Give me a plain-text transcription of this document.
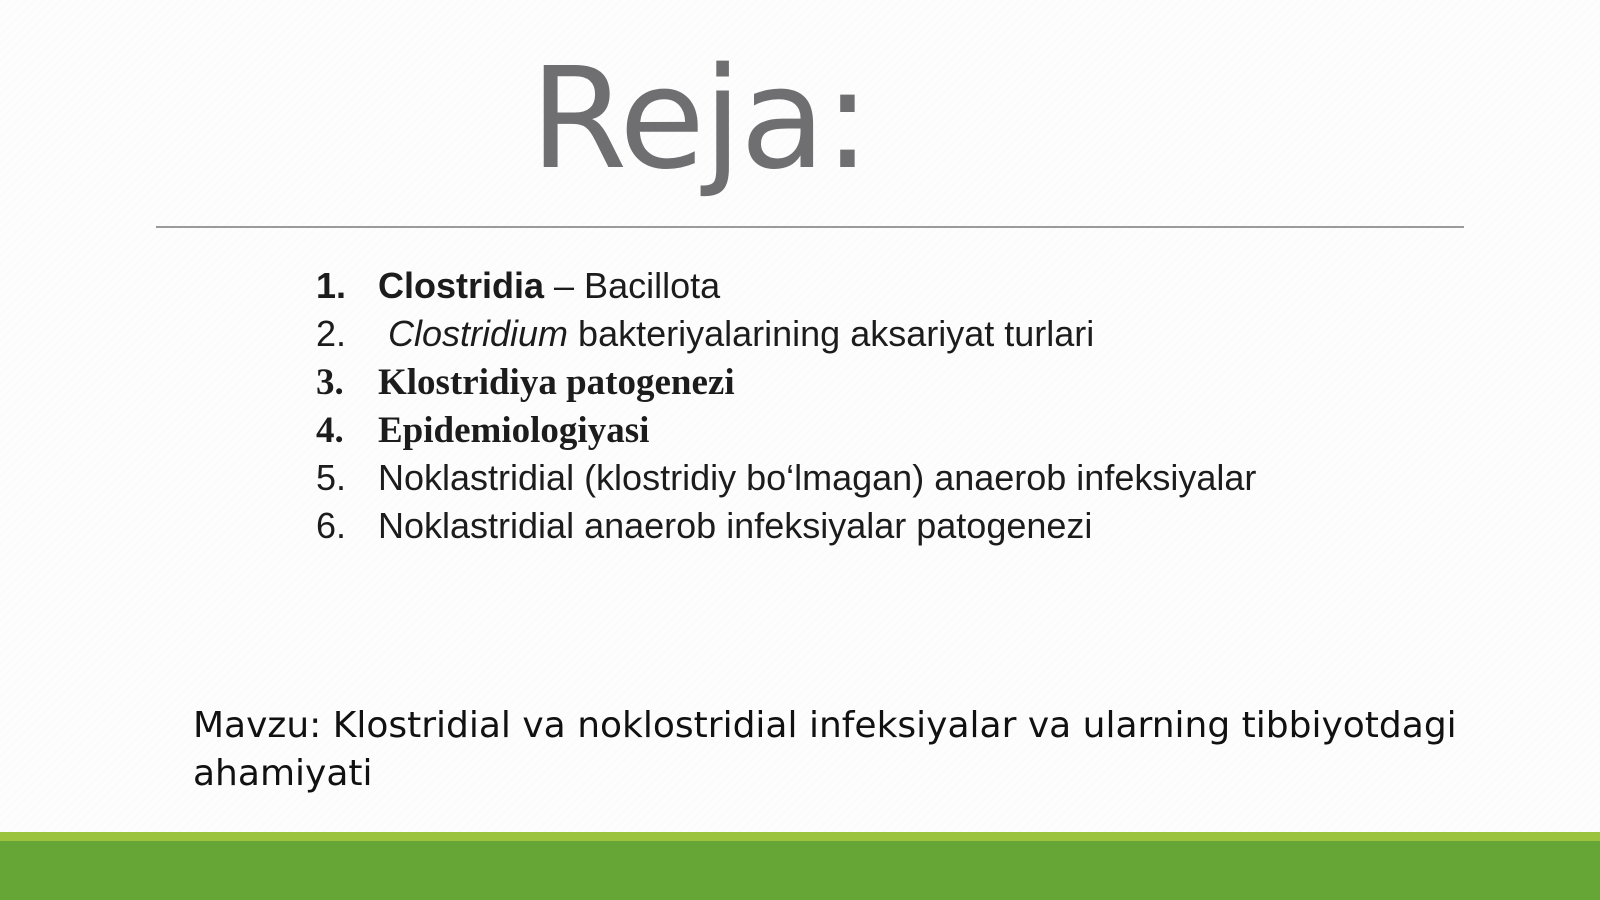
Reja:
1. Clostridia – Bacillota
2. Clostridium bakteriyalarining aksariyat turlari
3. Klostridiya patogenezi
4. Epidemiologiyasi
5. Noklastridial (klostridiy bo‘lmagan) anaerob infeksiyalar
6. Noklastridial anaerob infeksiyalar patogenezi
Mavzu: Klostridial va noklostridial infeksiyalar va ularning tibbiyotdagi ahamiyati
